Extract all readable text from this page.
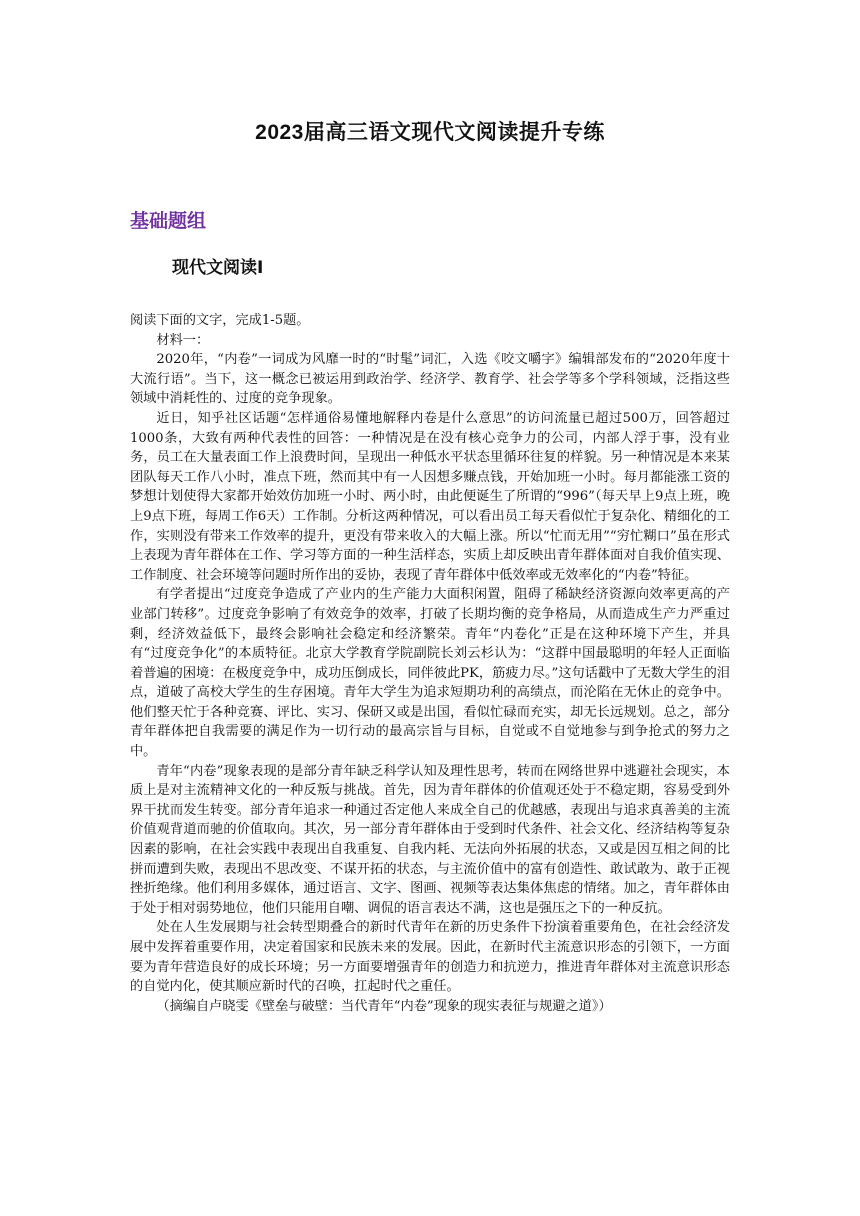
2023届高三语文现代文阅读提升专练
基础题组
现代文阅读Ⅰ

阅读下面的文字，完成1-5题。

材料一：

2020年，“内卷”一词成为风靡一时的“时髦”词汇，入选《咬文嚼字》编辑部发布的“2020年度十大流行语”。当下，这一概念已被运用到政治学、经济学、教育学、社会学等多个学科领域，泛指这些领域中消耗性的、过度的竞争现象。

近日，知乎社区话题“怎样通俗易懂地解释内卷是什么意思”的访问流量已超过500万，回答超过1000条，大致有两种代表性的回答：一种情况是在没有核心竞争力的公司，内部人浮于事，没有业务，员工在大量表面工作上浪费时间，呈现出一种低水平状态里循环往复的样貌。另一种情况是本来某团队每天工作八小时，准点下班，然而其中有一人因想多赚点钱，开始加班一小时。每月都能涨工资的梦想计划使得大家都开始效仿加班一小时、两小时，由此便诞生了所谓的“996”（每天早上9点上班，晚上9点下班，每周工作6天）工作制。分析这两种情况，可以看出员工每天看似忙于复杂化、精细化的工作，实则没有带来工作效率的提升，更没有带来收入的大幅上涨。所以“忙而无用”“穷忙糊口”虽在形式上表现为青年群体在工作、学习等方面的一种生活样态，实质上却反映出青年群体面对自我价值实现、工作制度、社会环境等问题时所作出的妥协，表现了青年群体中低效率或无效率化的“内卷”特征。

有学者提出“过度竞争造成了产业内的生产能力大面积闲置，阻碍了稀缺经济资源向效率更高的产业部门转移”。过度竞争影响了有效竞争的效率，打破了长期均衡的竞争格局，从而造成生产力严重过剩，经济效益低下，最终会影响社会稳定和经济繁荣。青年“内卷化”正是在这种环境下产生，并具有“过度竞争化”的本质特征。北京大学教育学院副院长刘云杉认为：“这群中国最聪明的年轻人正面临着普遍的困境：在极度竞争中，成功压倒成长，同伴彼此PK，筋疲力尽。”这句话戳中了无数大学生的泪点，道破了高校大学生的生存困境。青年大学生为追求短期功利的高绩点，而沦陷在无休止的竞争中。他们整天忙于各种竞赛、评比、实习、保研又或是出国，看似忙碌而充实，却无长远规划。总之，部分青年群体把自我需要的满足作为一切行动的最高宗旨与目标，自觉或不自觉地参与到争抢式的努力之中。

青年“内卷”现象表现的是部分青年缺乏科学认知及理性思考，转而在网络世界中逃避社会现实，本质上是对主流精神文化的一种反叛与挑战。首先，因为青年群体的价值观还处于不稳定期，容易受到外界干扰而发生转变。部分青年追求一种通过否定他人来成全自己的优越感，表现出与追求真善美的主流价值观背道而驰的价值取向。其次，另一部分青年群体由于受到时代条件、社会文化、经济结构等复杂因素的影响，在社会实践中表现出自我重复、自我内耗、无法向外拓展的状态，又或是因互相之间的比拼而遭到失败，表现出不思改变、不谋开拓的状态，与主流价值中的富有创造性、敢试敢为、敢于正视挫折绝缘。他们利用多媒体，通过语言、文字、图画、视频等表达集体焦虑的情绪。加之，青年群体由于处于相对弱势地位，他们只能用自嘲、调侃的语言表达不满，这也是强压之下的一种反抗。

处在人生发展期与社会转型期叠合的新时代青年在新的历史条件下扮演着重要角色，在社会经济发展中发挥着重要作用，决定着国家和民族未来的发展。因此，在新时代主流意识形态的引领下，一方面要为青年营造良好的成长环境；另一方面要增强青年的创造力和抗逆力，推进青年群体对主流意识形态的自觉内化，使其顺应新时代的召唤，扛起时代之重任。

（摘编自卢晓雯《壁垒与破壁：当代青年“内卷”现象的现实表征与规避之道》）
